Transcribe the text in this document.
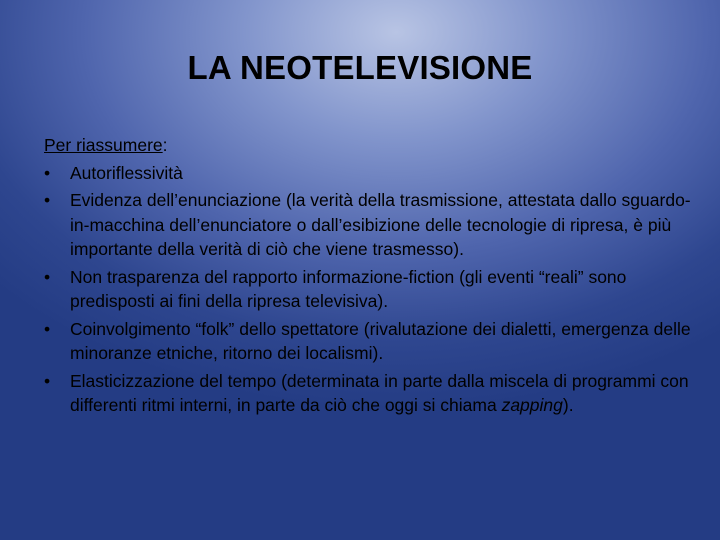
LA NEOTELEVISIONE

Per riassumere:

•	Autoriflessività
•	Evidenza dell’enunciazione (la verità della trasmissione, attestata dallo sguardo-in-macchina dell’enunciatore o dall’esibizione delle tecnologie di ripresa, è più importante della verità di ciò che viene trasmesso).
•	Non trasparenza del rapporto informazione-fiction (gli eventi “reali” sono predisposti ai fini della ripresa televisiva).
•	Coinvolgimento “folk” dello spettatore (rivalutazione dei dialetti, emergenza delle minoranze etniche, ritorno dei localismi).
•	Elasticizzazione del tempo (determinata in parte dalla miscela di programmi con differenti ritmi interni, in parte da ciò che oggi si chiama zapping).
